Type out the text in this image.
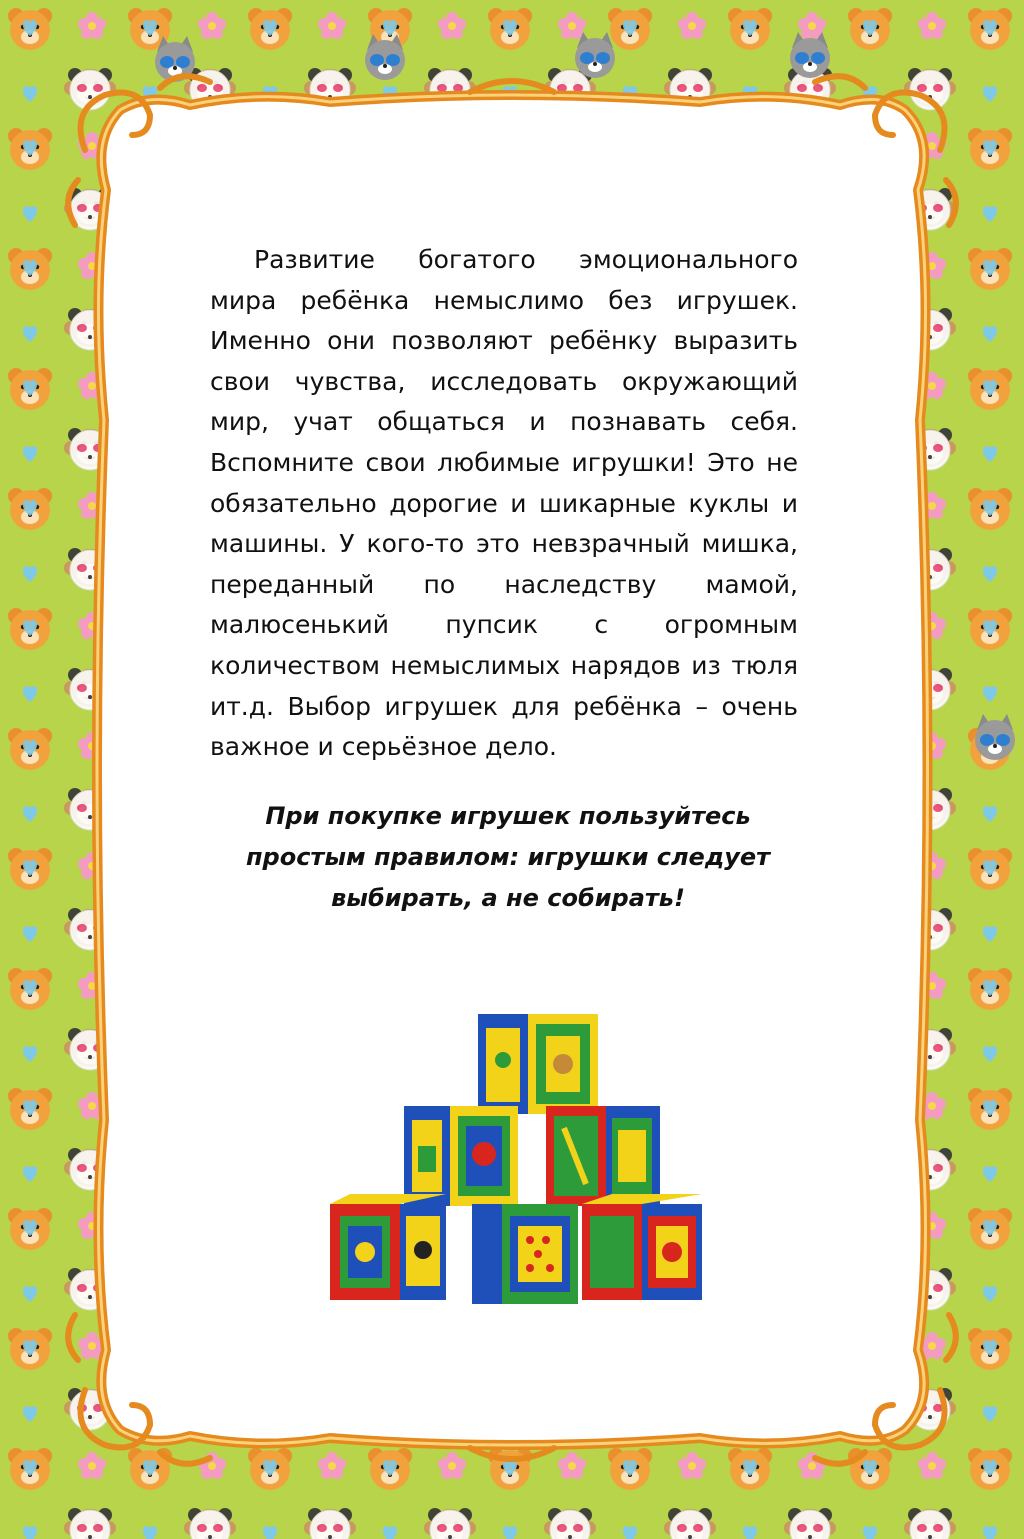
Развитие богатого эмоционального мира ребёнка немыслимо без игрушек. Именно они позволяют ребёнку выразить свои чувства, исследовать окружающий мир, учат общаться и познавать себя. Вспомните свои любимые игрушки! Это не обязательно дорогие и шикарные куклы и машины. У кого-то это невзрачный мишка, переданный по наследству мамой, малюсенький пупсик с огромным количеством немыслимых нарядов из тюля ит.д. Выбор игрушек для ребёнка – очень важное и серьёзное дело.

При покупке игрушек пользуйтесь
простым правилом: игрушки следует
выбирать, а не собирать!
